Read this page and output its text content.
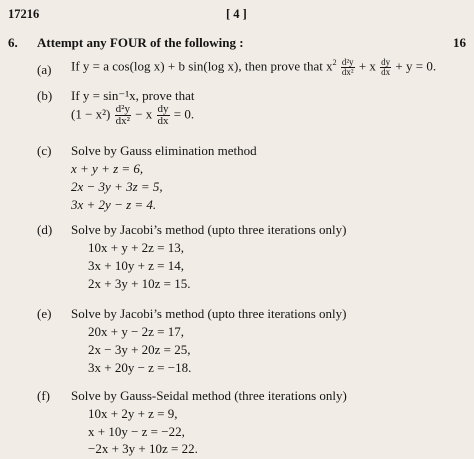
17216	[ 4 ]
6. Attempt any FOUR of the following :	16
(a) If y = a cos(log x) + b sin(log x), then prove that $x^2 \frac{\text{d²y}}{\text{dx²}} + x \frac{dy}{dx} + y = 0$.
(b) If y = sin⁻¹x, prove that
$(1 - x^2) \frac{\text{d²y}}{\text{dx²}} - x \frac{dy}{dx} = 0$.
(c) Solve by Gauss elimination method
x + y + z = 6,
2x − 3y + 3z = 5,
3x + 2y − z = 4.
(d) Solve by Jacobi’s method (upto three iterations only)
10x + y + 2z = 13,
3x + 10y + z = 14,
2x + 3y + 10z = 15.
(e) Solve by Jacobi’s method (upto three iterations only)
20x + y − 2z = 17,
2x − 3y + 20z = 25,
3x + 20y − z = −18.
(f) Solve by Gauss-Seidal method (three iterations only)
10x + 2y + z = 9,
x + 10y − z = −22,
−2x + 3y + 10z = 22.
